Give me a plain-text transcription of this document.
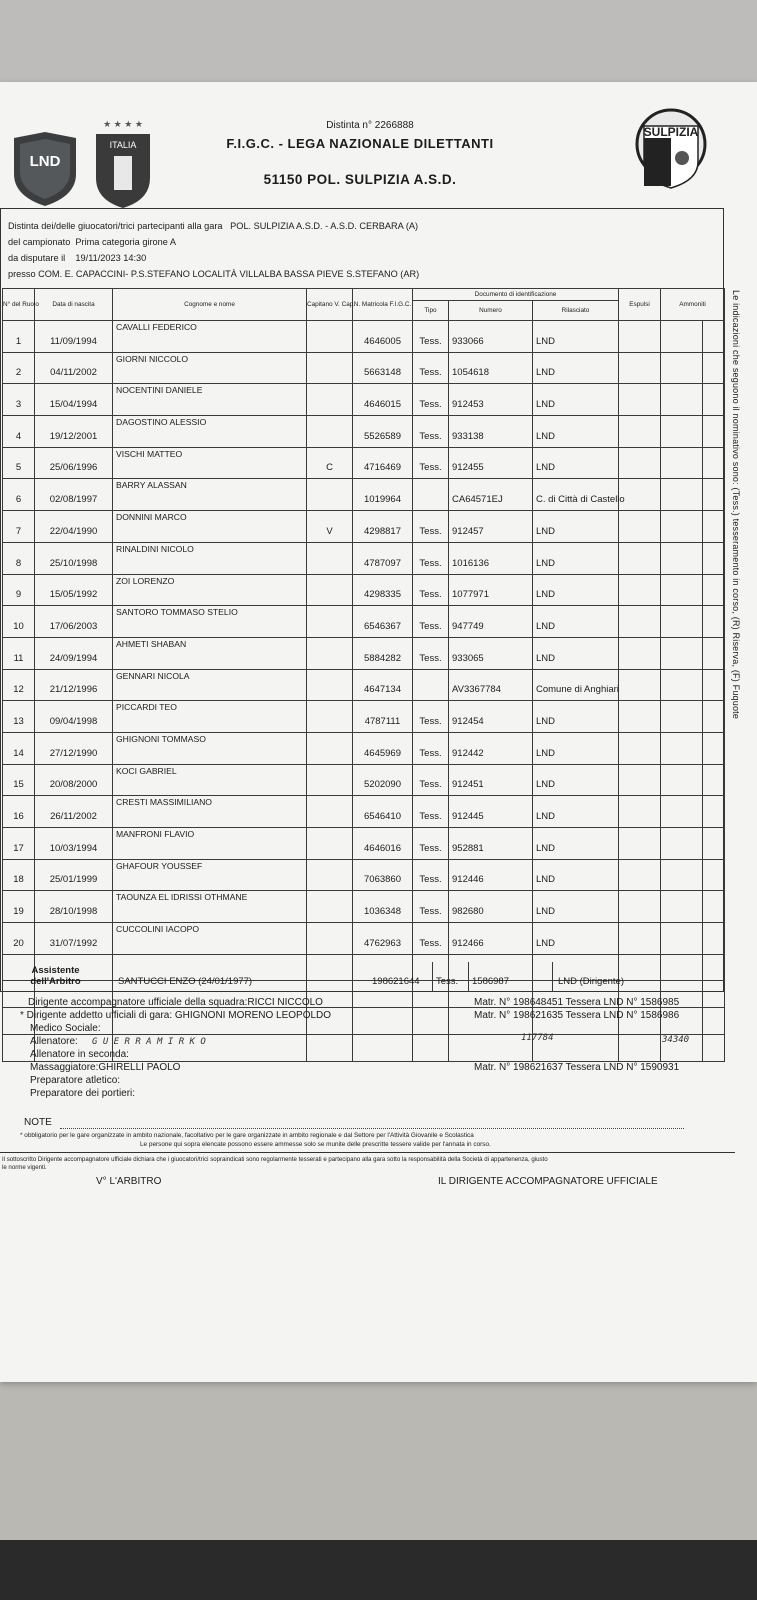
LND
★ ★ ★ ★
ITALIA
SULPIZIA
Distinta n° 2266888
F.I.G.C. - LEGA NAZIONALE DILETTANTI
51150 POL. SULPIZIA A.S.D.
Distinta dei/delle giuocatori/trici partecipanti alla gara POL. SULPIZIA A.S.D. - A.S.D. CERBARA (A)
del campionato Prima categoria girone A
da disputare il 19/11/2023 14:30
presso COM. E. CAPACCINI- P.S.STEFANO LOCALITÀ VILLALBA BASSA PIEVE S.STEFANO (AR)
N° del Ruolo	Data di nascita	Cognome e nome	Capitano V. Cap.	N. Matricola F.I.G.C.	Documento di identificazione			Espulsi	Ammoniti	
					Tipo	Numero	Rilasciato			
1	11/09/1994	CAVALLI FEDERICO		4646005	Tess.	933066	LND			
2	04/11/2002	GIORNI NICCOLO		5663148	Tess.	1054618	LND			
3	15/04/1994	NOCENTINI DANIELE		4646015	Tess.	912453	LND			
4	19/12/2001	DAGOSTINO ALESSIO		5526589	Tess.	933138	LND			
5	25/06/1996	VISCHI MATTEO	C	4716469	Tess.	912455	LND			
6	02/08/1997	BARRY ALASSAN		1019964		CA64571EJ	C. di Città di Castello			
7	22/04/1990	DONNINI MARCO	V	4298817	Tess.	912457	LND			
8	25/10/1998	RINALDINI NICOLO		4787097	Tess.	1016136	LND			
9	15/05/1992	ZOI LORENZO		4298335	Tess.	1077971	LND			
10	17/06/2003	SANTORO TOMMASO STELIO		6546367	Tess.	947749	LND			
11	24/09/1994	AHMETI SHABAN		5884282	Tess.	933065	LND			
12	21/12/1996	GENNARI NICOLA		4647134		AV3367784	Comune di Anghiari			
13	09/04/1998	PICCARDI TEO		4787111	Tess.	912454	LND			
14	27/12/1990	GHIGNONI TOMMASO		4645969	Tess.	912442	LND			
15	20/08/2000	KOCI GABRIEL		5202090	Tess.	912451	LND			
16	26/11/2002	CRESTI MASSIMILIANO		6546410	Tess.	912445	LND			
17	10/03/1994	MANFRONI FLAVIO		4646016	Tess.	952881	LND			
18	25/01/1999	GHAFOUR YOUSSEF		7063860	Tess.	912446	LND			
19	28/10/1998	TAOUNZA EL IDRISSI OTHMANE		1036348	Tess.	982680	LND			
20	31/07/1992	CUCCOLINI IACOPO		4762963	Tess.	912466	LND			

Assistente dell'Arbitro	SANTUCCI ENZO (24/01/1977)	198621644 Tess. 1586987	LND (Dirigente)
Dirigente accompagnatore ufficiale della squadra:RICCI NICCOLO	Matr. N° 198648451 Tessera LND N° 1586985
* Dirigente addetto ufficiali di gara: GHIGNONI MORENO LEOPOLDO	Matr. N° 198621635 Tessera LND N° 1586986
Medico Sociale:
Allenatore: G U E R R A M I R K O	117784	34340
Allenatore in seconda:
Massaggiatore:GHIRELLI PAOLO	Matr. N° 198621637 Tessera LND N° 1590931
Preparatore atletico:
Preparatore dei portieri:
NOTE
* obbligatorio per le gare organizzate in ambito nazionale, facoltativo per le gare organizzate in ambito regionale e dal Settore per l'Attività Giovanile e Scolastica
Le persone qui sopra elencate possono essere ammesse solo se munite delle prescritte tessere valide per l'annata in corso.
Il sottoscritto Dirigente accompagnatore ufficiale dichiara che i giuocatori/trici sopraindicati sono regolarmente tesserati e partecipano alla gara sotto la responsabilità della Società di appartenenza, giusto
le norme vigenti.
V° L'ARBITRO	IL DIRIGENTE ACCOMPAGNATORE UFFICIALE
Le indicazioni che seguono il nominativo sono: (Tess.) tesseramento in corso, (R) Riserva, (F) Fuquote
